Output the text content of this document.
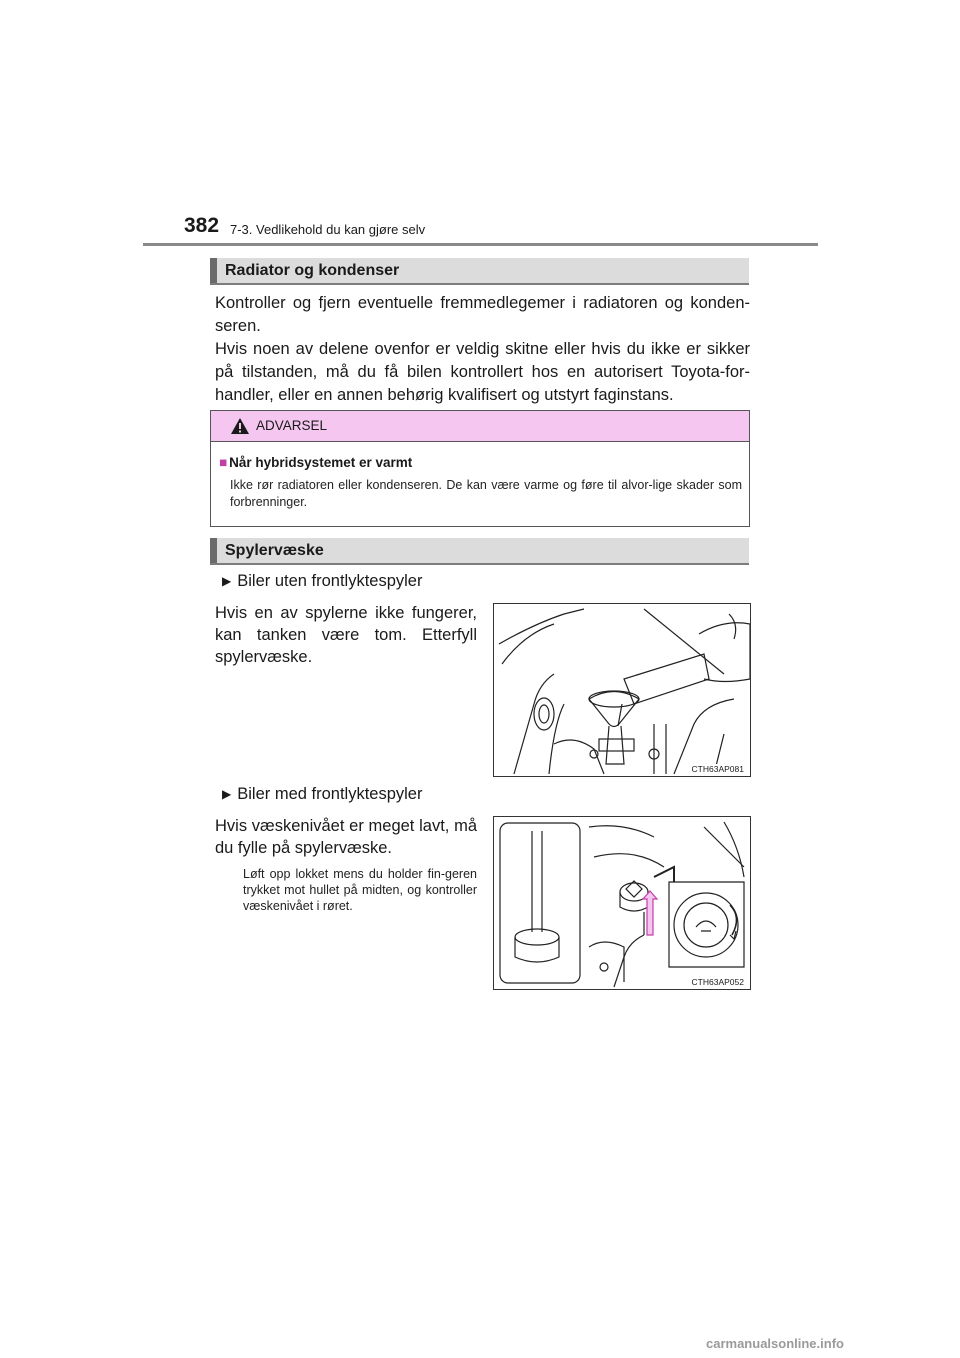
382 7-3. Vedlikehold du kan gjøre selv
Radiator og kondenser

Kontroller og fjern eventuelle fremmedlegemer i radiatoren og konden-seren.

Hvis noen av delene ovenfor er veldig skitne eller hvis du ikke er sikker på tilstanden, må du få bilen kontrollert hos en autorisert Toyota-for-handler, eller en annen behørig kvalifisert og utstyrt faginstans.

ADVARSEL
■ Når hybridsystemet er varmt
Ikke rør radiatoren eller kondenseren. De kan være varme og føre til alvor-lige skader som forbrenninger.
Spylervæske
▶ Biler uten frontlyktespyler

Hvis en av spylerne ikke fungerer, kan tanken være tom. Etterfyll spylervæske.

CTH63AP081
▶ Biler med frontlyktespyler

Hvis væskenivået er meget lavt, må du fylle på spylervæske.

Løft opp lokket mens du holder fin-geren trykket mot hullet på midten, og kontroller væskenivået i røret.

CTH63AP052
carmanualsonline.info
